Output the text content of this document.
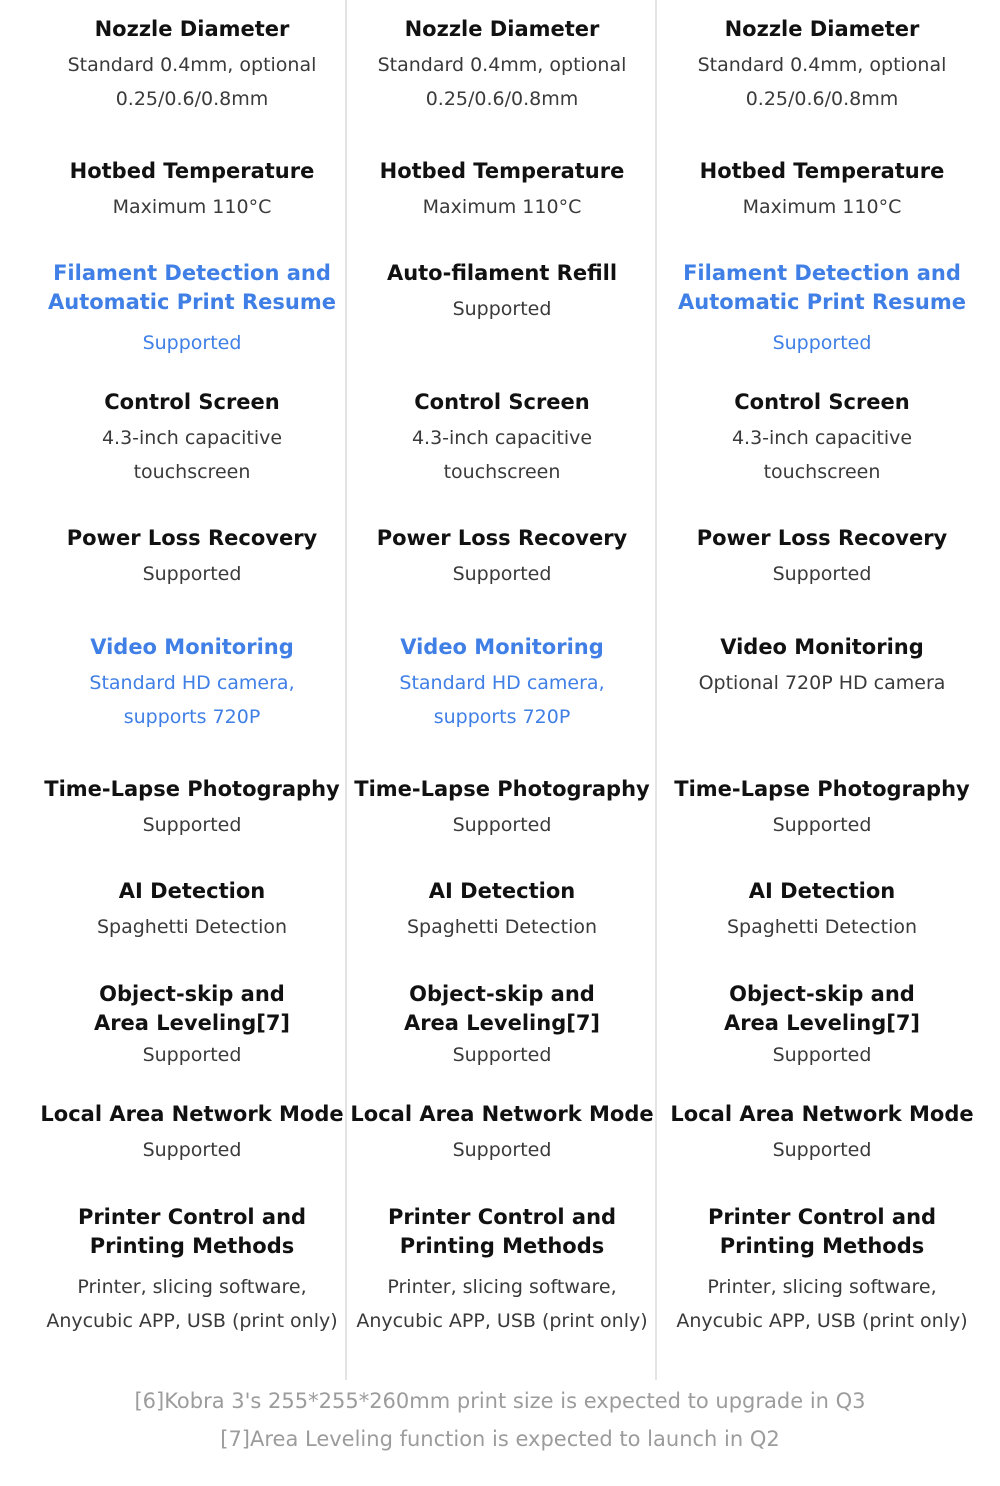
Nozzle Diameter
Standard 0.4mm, optional
0.25/0.6/0.8mm
Hotbed Temperature
Maximum 110°C
Filament Detection and
Automatic Print Resume
Supported
Control Screen
4.3-inch capacitive
touchscreen
Power Loss Recovery
Supported
Video Monitoring
Standard HD camera,
supports 720P
Time-Lapse Photography
Supported
AI Detection
Spaghetti Detection
Object-skip and
Area Leveling[7]
Supported
Local Area Network Mode
Supported
Printer Control and
Printing Methods
Printer, slicing software,
Anycubic APP, USB (print only)
Nozzle Diameter
Standard 0.4mm, optional
0.25/0.6/0.8mm
Hotbed Temperature
Maximum 110°C
Auto-filament Refill
Supported
Control Screen
4.3-inch capacitive
touchscreen
Power Loss Recovery
Supported
Video Monitoring
Standard HD camera,
supports 720P
Time-Lapse Photography
Supported
AI Detection
Spaghetti Detection
Object-skip and
Area Leveling[7]
Supported
Local Area Network Mode
Supported
Printer Control and
Printing Methods
Printer, slicing software,
Anycubic APP, USB (print only)
Nozzle Diameter
Standard 0.4mm, optional
0.25/0.6/0.8mm
Hotbed Temperature
Maximum 110°C
Filament Detection and
Automatic Print Resume
Supported
Control Screen
4.3-inch capacitive
touchscreen
Power Loss Recovery
Supported
Video Monitoring
Optional 720P HD camera
Time-Lapse Photography
Supported
AI Detection
Spaghetti Detection
Object-skip and
Area Leveling[7]
Supported
Local Area Network Mode
Supported
Printer Control and
Printing Methods
Printer, slicing software,
Anycubic APP, USB (print only)
[6]Kobra 3's 255*255*260mm print size is expected to upgrade in Q3
[7]Area Leveling function is expected to launch in Q2
